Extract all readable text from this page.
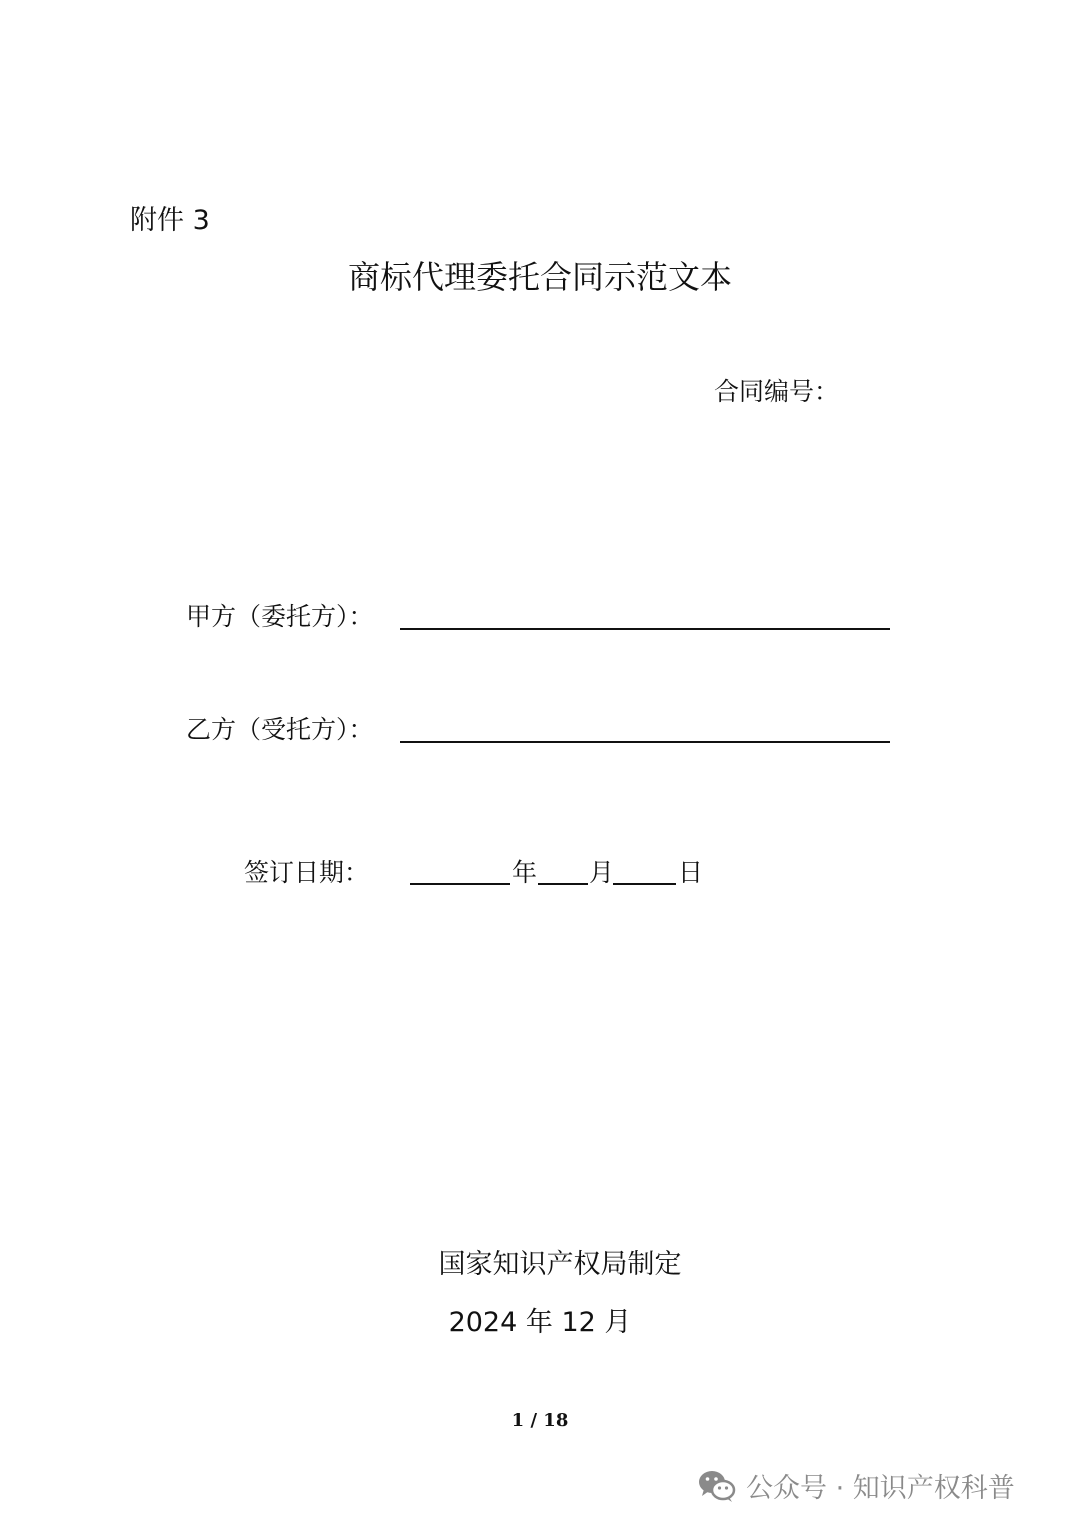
附件 3
商标代理委托合同示范文本
合同编号：
甲方（委托方）：
乙方（受托方）：
签订日期：	年 月	日
国家知识产权局制定
2024 年 12 月
1 / 18
公众号 · 知识产权科普
